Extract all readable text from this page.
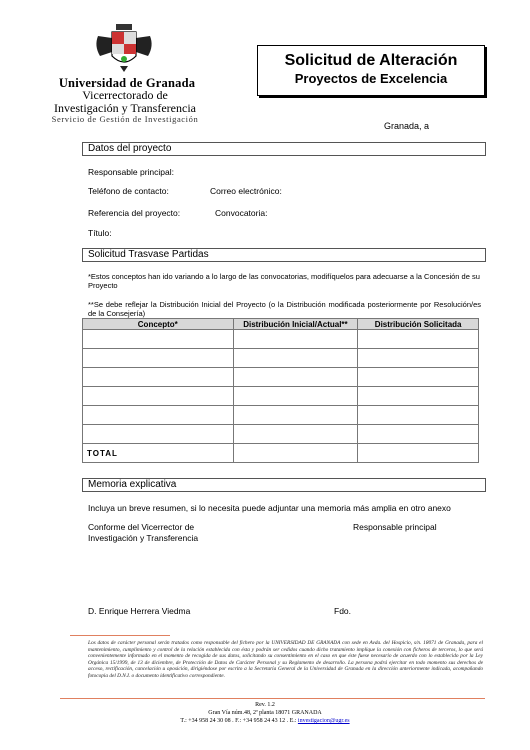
Universidad de Granada
Vicerrectorado de
Investigación y Transferencia
Servicio de Gestión de Investigación
Solicitud de Alteración
Proyectos de Excelencia
Granada, a
Datos del proyecto
Responsable principal:
Teléfono de contacto:	Correo electrónico:
Referencia del proyecto:	Convocatoria:
Título:
Solicitud Trasvase Partidas
*Estos conceptos han ido variando a lo largo de las convocatorias, modifíquelos para adecuarse a la Concesión de su Proyecto
**Se debe reflejar la Distribución Inicial del Proyecto (o la Distribución modificada posteriormente por Resolución/es de la Consejería)
Concepto*	Distribución Inicial/Actual**	Distribución Solicitada

TOTAL		
Memoria explicativa
Incluya un breve resumen, si lo necesita puede adjuntar una memoria más amplia en otro anexo
Conforme del Vicerrector de
Investigación y Transferencia
Responsable principal
D. Enrique Herrera Viedma	Fdo.
Los datos de carácter personal serán tratados como responsable del fichero por la UNIVERSIDAD DE GRANADA con sede en Avda. del Hospicio, s/n. 18071 de Granada, para el mantenimiento, cumplimiento y control de la relación establecida con ésta y podrán ser cedidos cuando dicho tratamiento implique la conexión con ficheros de terceros, lo que será convenientemente informado en el momento de recogida de sus datos, solicitando su consentimiento en el caso en que éste fuese necesario de acuerdo con lo establecido por la Ley Orgánica 15/1999, de 13 de diciembre, de Protección de Datos de Carácter Personal y su Reglamento de desarrollo. La persona podrá ejercitar en todo momento sus derechos de acceso, rectificación, cancelación u oposición, dirigiéndose por escrito a la Secretaría General de la Universidad de Granada en la dirección anteriormente indicada, acompañando fotocopia del D.N.I. o documento identificativo correspondiente.
Rev. 1.2
Gran Vía núm.48, 2ª planta 18071 GRANADA
T.: +34 958 24 30 08 . F.: +34 958 24 43 12 . E.: investigacion@ugr.es
